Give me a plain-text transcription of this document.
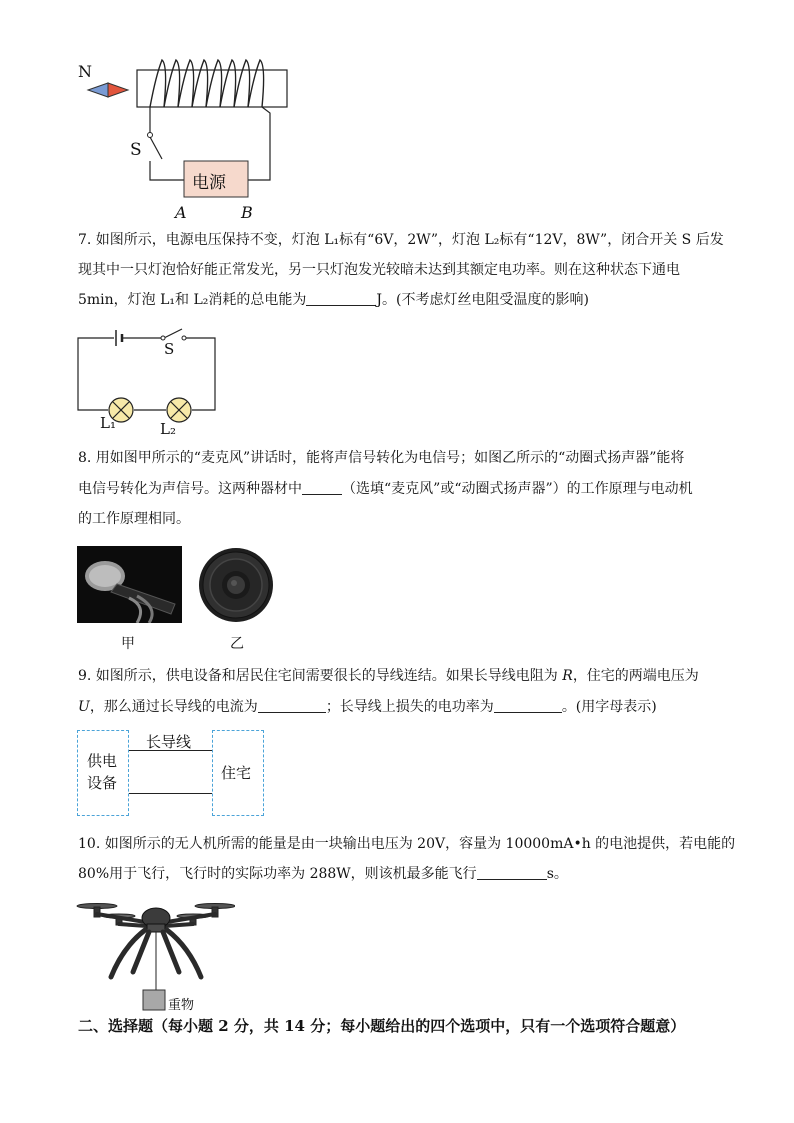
N
S
电源
A	B
7. 如图所示，电源电压保持不变，灯泡 L₁标有“6V，2W”，灯泡 L₂标有“12V，8W”，闭合开关 S 后发
现其中一只灯泡恰好能正常发光，另一只灯泡发光较暗未达到其额定电功率。则在这种状态下通电
5min，灯泡 L₁和 L₂消耗的总电能为	J。(不考虑灯丝电阻受温度的影响)
S
L₁	L₂
8. 用如图甲所示的“麦克风”讲话时，能将声信号转化为电信号；如图乙所示的“动圈式扬声器”能将
电信号转化为声信号。这两种器材中	（选填“麦克风”或“动圈式扬声器”）的工作原理与电动机
的工作原理相同。
甲	乙
9. 如图所示，供电设备和居民住宅间需要很长的导线连结。如果长导线电阻为 R，住宅的两端电压为
U，那么通过长导线的电流为	；长导线上损失的电功率为	。(用字母表示)
供电
设备
长导线
住宅
10. 如图所示的无人机所需的能量是由一块输出电压为 20V，容量为 10000mA•h 的电池提供，若电能的
80%用于飞行，飞行时的实际功率为 288W，则该机最多能飞行	s。
重物
二、选择题（每小题 2 分，共 14 分；每小题给出的四个选项中，只有一个选项符合题意）
